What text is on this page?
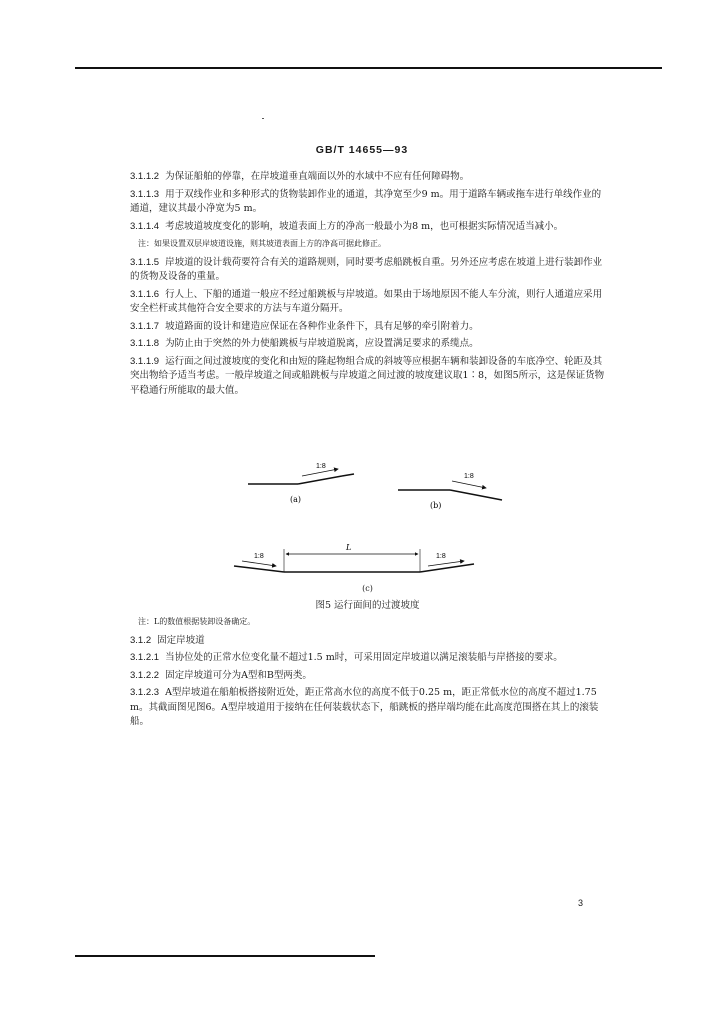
GB/T 14655—93

3.1.1.2 为保证船舶的停靠，在岸坡道垂直端面以外的水域中不应有任何障碍物。

3.1.1.3 用于双线作业和多种形式的货物装卸作业的通道，其净宽至少9 m。用于道路车辆或拖车进行单线作业的通道，建议其最小净宽为5 m。

3.1.1.4 考虑坡道坡度变化的影响，坡道表面上方的净高一般最小为8 m，也可根据实际情况适当减小。

注：如果设置双层岸坡道设施，则其坡道表面上方的净高可据此修正。

3.1.1.5 岸坡道的设计载荷要符合有关的道路规则，同时要考虑船跳板自重。另外还应考虑在坡道上进行装卸作业的货物及设备的重量。

3.1.1.6 行人上、下船的通道一般应不经过船跳板与岸坡道。如果由于场地原因不能人车分流，则行人通道应采用安全栏杆或其他符合安全要求的方法与车道分隔开。

3.1.1.7 坡道路面的设计和建造应保证在各种作业条件下，具有足够的牵引附着力。

3.1.1.8 为防止由于突然的外力使船跳板与岸坡道脱离，应设置满足要求的系缆点。

3.1.1.9 运行面之间过渡坡度的变化和由短的隆起物组合成的斜坡等应根据车辆和装卸设备的车底净空、轮距及其突出物给予适当考虑。一般岸坡道之间或船跳板与岸坡道之间过渡的坡度建议取1∶8，如图5所示，这是保证货物平稳通行所能取的最大值。

1:8
(a)
1:8
(b)
L
1:8	1:8

(c)

图5 运行面间的过渡坡度

注：L的数值根据装卸设备确定。

3.1.2 固定岸坡道

3.1.2.1 当协位处的正常水位变化量不超过1.5 m时，可采用固定岸坡道以满足滚装船与岸搭接的要求。

3.1.2.2 固定岸坡道可分为A型和B型两类。

3.1.2.3 A型岸坡道在船舶板搭接附近处，距正常高水位的高度不低于0.25 m，距正常低水位的高度不超过1.75 m。其截面图见图6。A型岸坡道用于接纳在任何装载状态下，船跳板的搭岸端均能在此高度范围搭在其上的滚装船。

3
